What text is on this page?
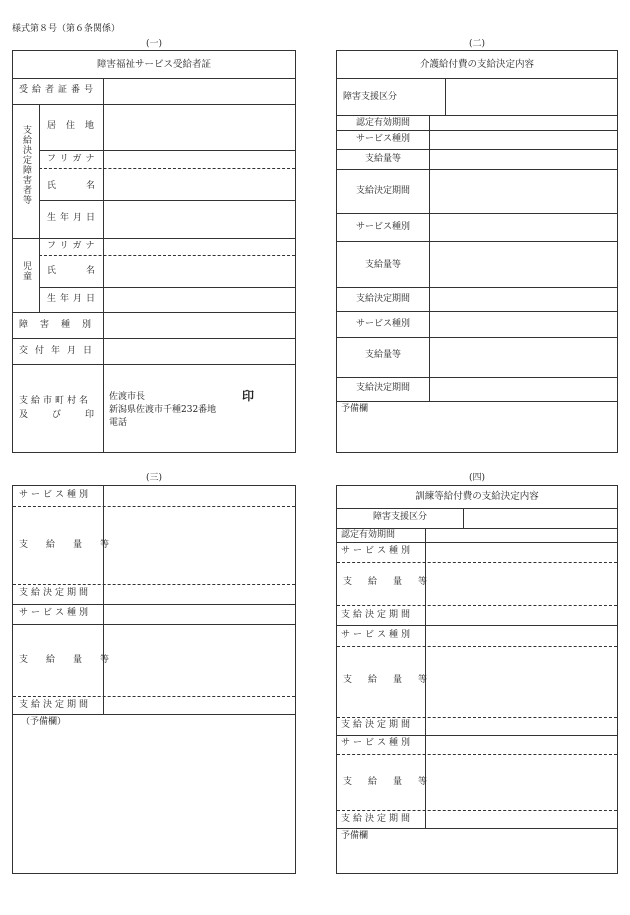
様式第８号（第６条関係）
(一)
障害福祉サービス受給者証
受給者証番号
支給決定障害者等 居住地
フリガナ
氏名
生年月日
児童
フリガナ
氏名
生年月日
障害種別
交付年月日
支給市町村名
及び印
佐渡市長	印
新潟県佐渡市千種232番地
電話
(二)
介護給付費の支給決定内容
障害支援区分
認定有効期間
サービス種別
支給量等
支給決定期間
サービス種別
支給量等
支給決定期間
サービス種別
支給量等
支給決定期間
予備欄
(三)
サービス種別
支給量等
支給決定期間
サービス種別
支給量等
支給決定期間
（予備欄）
(四)
訓練等給付費の支給決定内容
障害支援区分
認定有効期間
サービス種別
支給量等
支給決定期間
サービス種別
支給量等
支給決定期間
サービス種別
支給量等
支給決定期間
予備欄
